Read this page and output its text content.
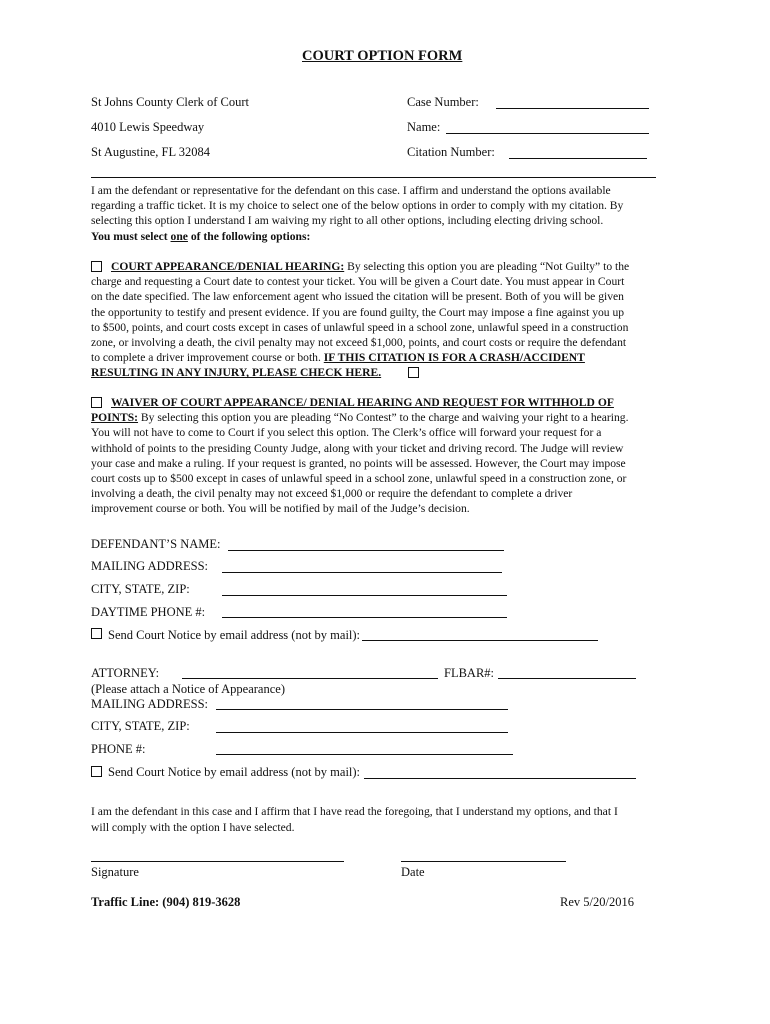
COURT OPTION FORM
St Johns County Clerk of Court
4010 Lewis Speedway
St Augustine, FL 32084
Case Number:
Name:
Citation Number:
I am the defendant or representative for the defendant on this case. I affirm and understand the options available
regarding a traffic ticket. It is my choice to select one of the below options in order to comply with my citation. By
selecting this option I understand I am waiving my right to all other options, including electing driving school.
You must select one of the following options:
COURT APPEARANCE/DENIAL HEARING: By selecting this option you are pleading “Not Guilty” to the
charge and requesting a Court date to contest your ticket. You will be given a Court date. You must appear in Court
on the date specified. The law enforcement agent who issued the citation will be present. Both of you will be given
the opportunity to testify and present evidence. If you are found guilty, the Court may impose a fine against you up
to $500, points, and court costs except in cases of unlawful speed in a school zone, unlawful speed in a construction
zone, or involving a death, the civil penalty may not exceed $1,000, points, and court costs or require the defendant
to complete a driver improvement course or both. IF THIS CITATION IS FOR A CRASH/ACCIDENT
RESULTING IN ANY INJURY, PLEASE CHECK HERE.
WAIVER OF COURT APPEARANCE/ DENIAL HEARING AND REQUEST FOR WITHHOLD OF
POINTS: By selecting this option you are pleading “No Contest” to the charge and waiving your right to a hearing.
You will not have to come to Court if you select this option. The Clerk’s office will forward your request for a
withhold of points to the presiding County Judge, along with your ticket and driving record. The Judge will review
your case and make a ruling. If your request is granted, no points will be assessed. However, the Court may impose
court costs up to $500 except in cases of unlawful speed in a school zone, unlawful speed in a construction zone, or
involving a death, the civil penalty may not exceed $1,000 or require the defendant to complete a driver
improvement course or both. You will be notified by mail of the Judge’s decision.
DEFENDANT’S NAME:
MAILING ADDRESS:
CITY, STATE, ZIP:
DAYTIME PHONE #:
Send Court Notice by email address (not by mail):
ATTORNEY:	FLBAR#:
(Please attach a Notice of Appearance)
MAILING ADDRESS:
CITY, STATE, ZIP:
PHONE #:
Send Court Notice by email address (not by mail):
I am the defendant in this case and I affirm that I have read the foregoing, that I understand my options, and that I
will comply with the option I have selected.
Signature	Date
Traffic Line: (904) 819-3628	Rev 5/20/2016
